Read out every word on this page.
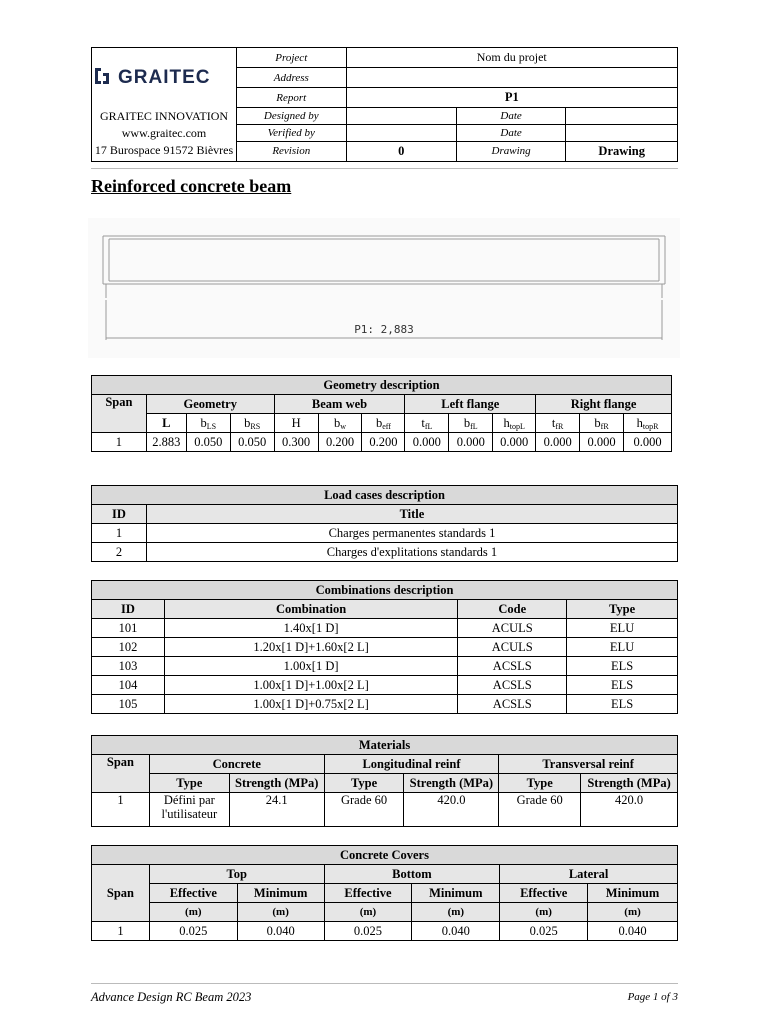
GRAITEC	Project	Nom du projet		
	Address			
	Report	P1		

GRAITEC INNOVATION
www.graitec.com
17 Burospace 91572 Bièvres	Designed by		Date	
	Verified by		Date	
	Revision	0	Drawing	Drawing
Reinforced concrete beam
P1: 2,883
Geometry description												
Span	Geometry			Beam web			Left flange			Right flange		
	L	$b_{LS}$	$b_{RS}$	H	$b_w$	$b_{eff}$	$t_{fL}$	$b_{fL}$	$h_{topL}$	$t_{fR}$	$b_{fR}$	$h_{topR}$
1	2.883	0.050	0.050	0.300	0.200	0.200	0.000	0.000	0.000	0.000	0.000	0.000
Load cases description	
ID	Title
1	Charges permanentes standards 1
2	Charges d'explitations standards 1
Combinations description			
ID	Combination	Code	Type
101	1.40x[1 D]	ACULS	ELU
102	1.20x[1 D]+1.60x[2 L]	ACULS	ELU
103	1.00x[1 D]	ACSLS	ELS
104	1.00x[1 D]+1.00x[2 L]	ACSLS	ELS
105	1.00x[1 D]+0.75x[2 L]	ACSLS	ELS
Materials						
Span	Concrete		Longitudinal reinf		Transversal reinf	
	Type	Strength (MPa)	Type	Strength (MPa)	Type	Strength (MPa)
1	Défini par l'utilisateur	24.1	Grade 60	420.0	Grade 60	420.0
Concrete Covers						
Span	Top		Bottom		Lateral	
	Effective	Minimum	Effective	Minimum	Effective	Minimum
	(m)	(m)	(m)	(m)	(m)	(m)
1	0.025	0.040	0.025	0.040	0.025	0.040
Advance Design RC Beam 2023	Page 1 of 3
